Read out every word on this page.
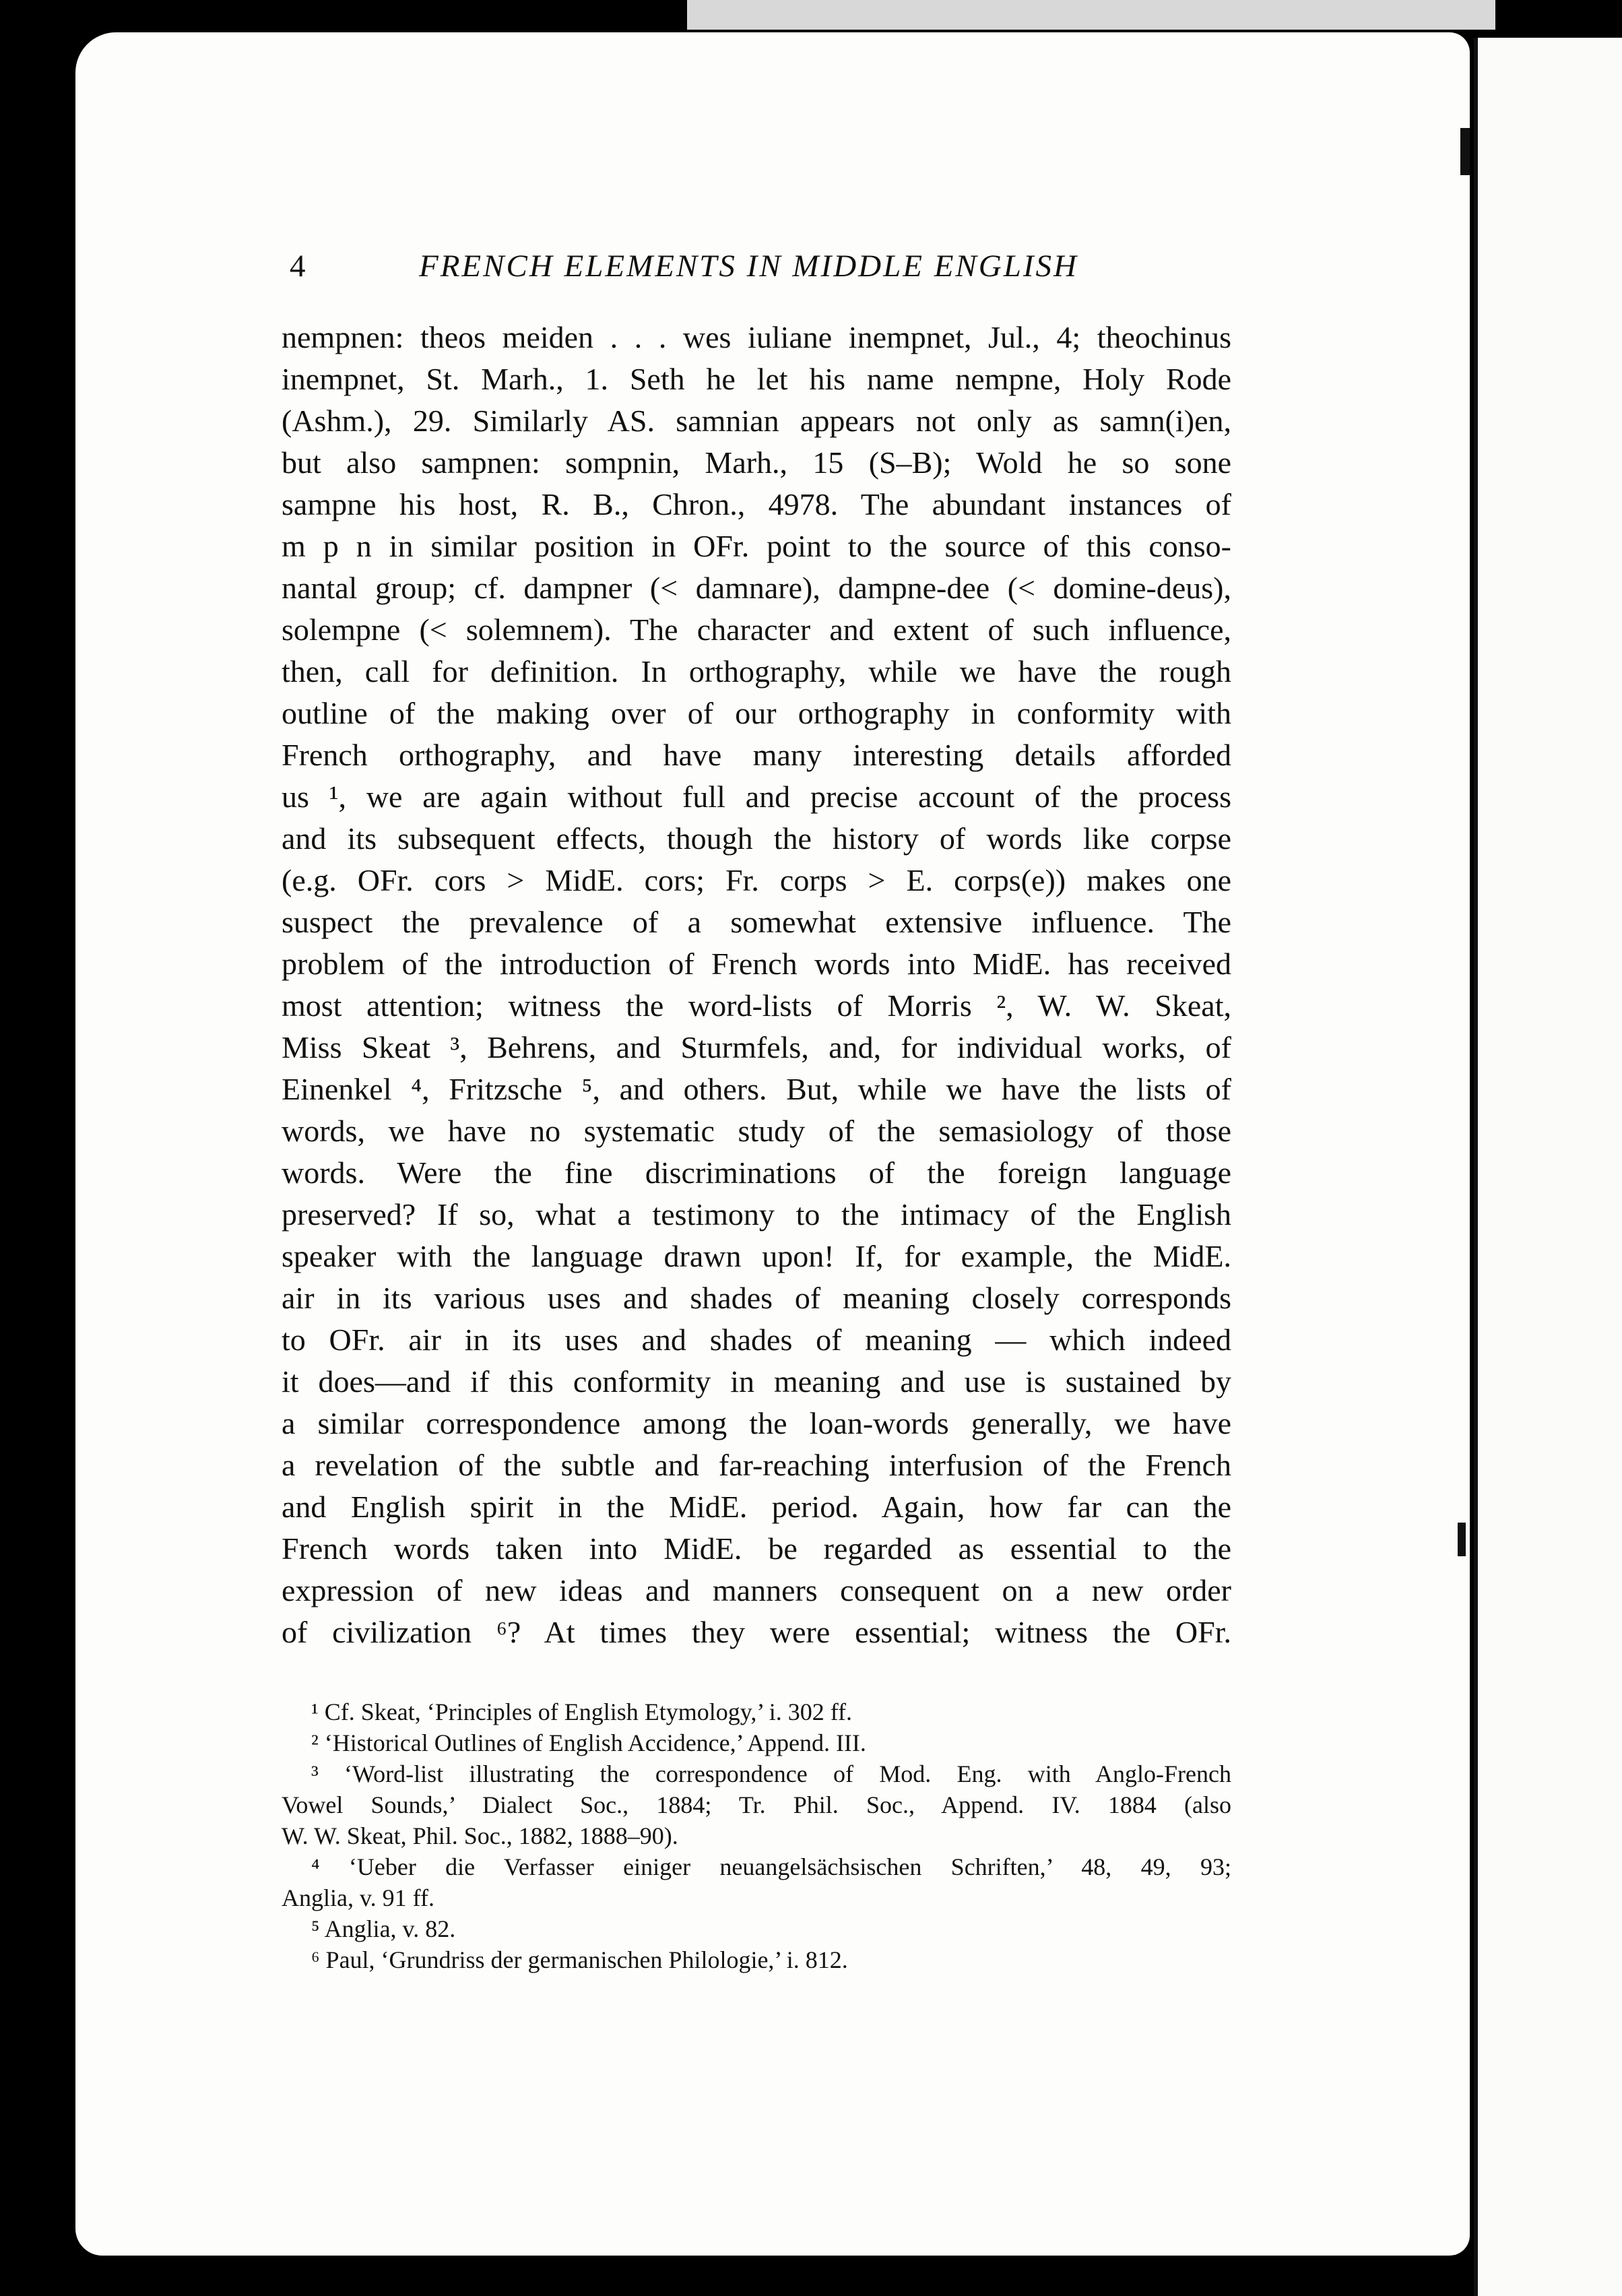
4	FRENCH ELEMENTS IN MIDDLE ENGLISH
nempnen: theos meiden . . . wes iuliane inempnet, Jul., 4; theochinus
inempnet, St. Marh., 1. Seth he let his name nempne, Holy Rode
(Ashm.), 29. Similarly AS. samnian appears not only as samn(i)en,
but also sampnen: sompnin, Marh., 15 (S–B); Wold he so sone
sampne his host, R. B., Chron., 4978. The abundant instances of
m p n in similar position in OFr. point to the source of this conso-
nantal group; cf. dampner (< damnare), dampne-dee (< domine-deus),
solempne (< solemnem). The character and extent of such influence,
then, call for definition. In orthography, while we have the rough
outline of the making over of our orthography in conformity with
French orthography, and have many interesting details afforded
us ¹, we are again without full and precise account of the process
and its subsequent effects, though the history of words like corpse
(e.g. OFr. cors > MidE. cors; Fr. corps > E. corps(e)) makes one
suspect the prevalence of a somewhat extensive influence. The
problem of the introduction of French words into MidE. has received
most attention; witness the word-lists of Morris ², W. W. Skeat,
Miss Skeat ³, Behrens, and Sturmfels, and, for individual works, of
Einenkel ⁴, Fritzsche ⁵, and others. But, while we have the lists of
words, we have no systematic study of the semasiology of those
words. Were the fine discriminations of the foreign language
preserved? If so, what a testimony to the intimacy of the English
speaker with the language drawn upon! If, for example, the MidE.
air in its various uses and shades of meaning closely corresponds
to OFr. air in its uses and shades of meaning — which indeed
it does—and if this conformity in meaning and use is sustained by
a similar correspondence among the loan-words generally, we have
a revelation of the subtle and far-reaching interfusion of the French
and English spirit in the MidE. period. Again, how far can the
French words taken into MidE. be regarded as essential to the
expression of new ideas and manners consequent on a new order
of civilization ⁶? At times they were essential; witness the OFr.
¹ Cf. Skeat, ‘Principles of English Etymology,’ i. 302 ff.
² ‘Historical Outlines of English Accidence,’ Append. III.
³ ‘Word-list illustrating the correspondence of Mod. Eng. with Anglo-French
Vowel Sounds,’ Dialect Soc., 1884; Tr. Phil. Soc., Append. IV. 1884 (also
W. W. Skeat, Phil. Soc., 1882, 1888–90).
⁴ ‘Ueber die Verfasser einiger neuangelsächsischen Schriften,’ 48, 49, 93;
Anglia, v. 91 ff.
⁵ Anglia, v. 82.
⁶ Paul, ‘Grundriss der germanischen Philologie,’ i. 812.
